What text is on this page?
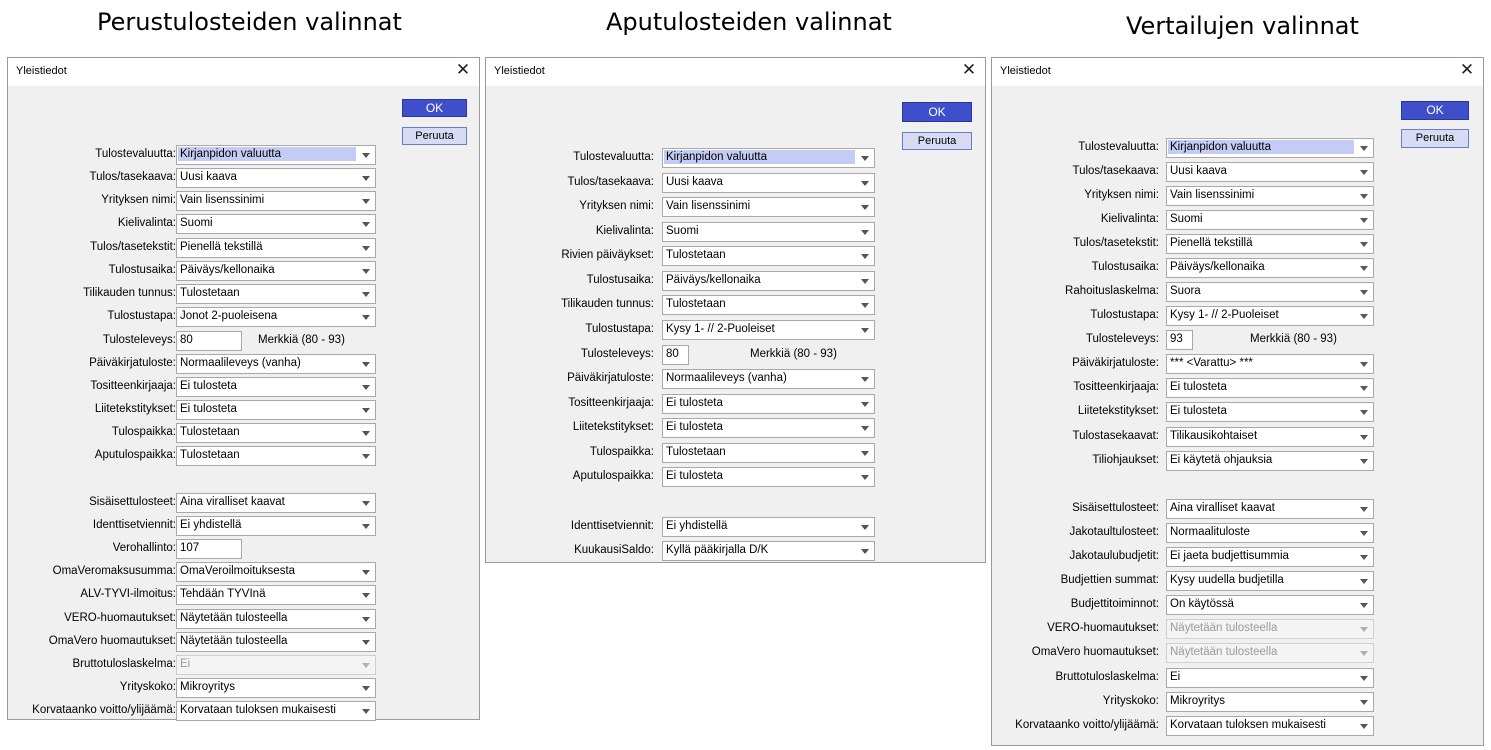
Perustulosteiden valinnat	Aputulosteiden valinnat	Vertailujen valinnat
Yleistiedot	✕
Tulostevaluutta: Kirjanpidon valuutta
Tulos/tasekaava: Uusi kaava
Yrityksen nimi: Vain lisenssinimi
Kielivalinta: Suomi
Tulos/tasetekstit: Pienellä tekstillä
Tulostusaika: Päiväys/kellonaika
Tilikauden tunnus: Tulostetaan
Tulostustapa: Jonot 2-puoleisena
Tulosteleveys: 80	Merkkiä (80 - 93)
Päiväkirjatuloste: Normaalileveys (vanha)
Tositteenkirjaaja: Ei tulosteta
Liitetekstitykset: Ei tulosteta
Tulospaikka: Tulostetaan
Aputulospaikka: Tulostetaan
Sisäisettulosteet: Aina viralliset kaavat
Identtisetviennit: Ei yhdistellä
Verohallinto: 107
OmaVeromaksusumma: OmaVeroilmoituksesta
ALV-TYVI-ilmoitus: Tehdään TYVInä
VERO-huomautukset: Näytetään tulosteella
OmaVero huomautukset: Näytetään tulosteella
Bruttotuloslaskelma: Ei
Yrityskoko: Mikroyritys
Korvataanko voitto/ylijäämä: Korvataan tuloksen mukaisesti
OK
Peruuta
Yleistiedot	✕
Tulostevaluutta: Kirjanpidon valuutta
Tulos/tasekaava: Uusi kaava
Yrityksen nimi: Vain lisenssinimi
Kielivalinta: Suomi
Rivien päiväykset: Tulostetaan
Tulostusaika: Päiväys/kellonaika
Tilikauden tunnus: Tulostetaan
Tulostustapa: Kysy 1- // 2-Puoleiset
Tulosteleveys: 80	Merkkiä (80 - 93)
Päiväkirjatuloste: Normaalileveys (vanha)
Tositteenkirjaaja: Ei tulosteta
Liitetekstitykset: Ei tulosteta
Tulospaikka: Tulostetaan
Aputulospaikka: Ei tulosteta
Identtisetviennit: Ei yhdistellä
KuukausiSaldo: Kyllä pääkirjalla D/K
OK
Peruuta
Yleistiedot	✕
Tulostevaluutta: Kirjanpidon valuutta
Tulos/tasekaava: Uusi kaava
Yrityksen nimi: Vain lisenssinimi
Kielivalinta: Suomi
Tulos/tasetekstit: Pienellä tekstillä
Tulostusaika: Päiväys/kellonaika
Rahoituslaskelma: Suora
Tulostustapa: Kysy 1- // 2-Puoleiset
Tulosteleveys: 93	Merkkiä (80 - 93)
Päiväkirjatuloste: *** <Varattu> ***
Tositteenkirjaaja: Ei tulosteta
Liitetekstitykset: Ei tulosteta
Tulostasekaavat: Tilikausikohtaiset
Tiliohjaukset: Ei käytetä ohjauksia
Sisäisettulosteet: Aina viralliset kaavat
Jakotaultulosteet: Normaalituloste
Jakotaulubudjetit: Ei jaeta budjettisummia
Budjettien summat: Kysy uudella budjetilla
Budjettitoiminnot: On käytössä
VERO-huomautukset: Näytetään tulosteella
OmaVero huomautukset: Näytetään tulosteella
Bruttotuloslaskelma: Ei
Yrityskoko: Mikroyritys
Korvataanko voitto/ylijäämä: Korvataan tuloksen mukaisesti
OK
Peruuta
